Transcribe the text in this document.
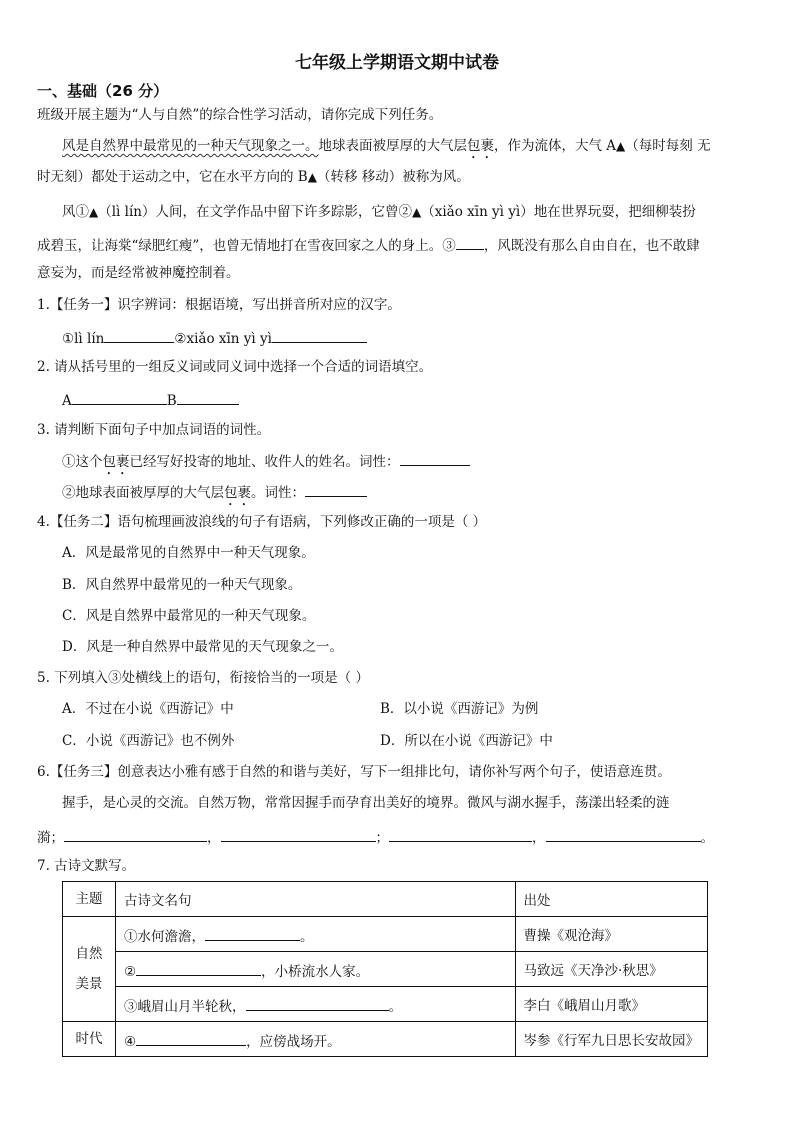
七年级上学期语文期中试卷
一、基础（26 分）
班级开展主题为“人与自然”的综合性学习活动，请你完成下列任务。
风是自然界中最常见的一种天气现象之一。地球表面被厚厚的大气层包裹，作为流体，大气 A▲（每时每刻 无
时无刻）都处于运动之中，它在水平方向的 B▲（转移 移动）被称为风。
风①▲（lì lín）人间，在文学作品中留下许多踪影，它曾②▲（xiǎo xīn yì yì）地在世界玩耍，把细柳装扮
成碧玉，让海棠“绿肥红瘦”，也曾无情地打在雪夜回家之人的身上。③ ，风既没有那么自由自在，也不敢肆
意妄为，而是经常被神魔控制着。
1.【任务一】识字辨词：根据语境，写出拼音所对应的汉字。
①lì lín	②xiǎo xīn yì yì
2. 请从括号里的一组反义词或同义词中选择一个合适的词语填空。
A	B
3. 请判断下面句子中加点词语的词性。
①这个包裹已经写好投寄的地址、收件人的姓名。词性：
②地球表面被厚厚的大气层包裹。词性：
4.【任务二】语句梳理画波浪线的句子有语病，下列修改正确的一项是（ ）
A．风是最常见的自然界中一种天气现象。
B．风自然界中最常见的一种天气现象。
C．风是自然界中最常见的一种天气现象。
D．风是一种自然界中最常见的天气现象之一。
5. 下列填入③处横线上的语句，衔接恰当的一项是（ ）
A．不过在小说《西游记》中	B．以小说《西游记》为例
C．小说《西游记》也不例外	D．所以在小说《西游记》中
6.【任务三】创意表达小雅有感于自然的和谐与美好，写下一组排比句，请你补写两个句子，使语意连贯。
握手，是心灵的交流。自然万物，常常因握手而孕育出美好的境界。微风与湖水握手，荡漾出轻柔的涟
漪；	，	；	，	。
7. 古诗文默写。
主题	古诗文名句	出处
自然美景	①水何澹澹， 。	曹操《观沧海》
	② ，小桥流水人家。	马致远《天净沙·秋思》
	③峨眉山月半轮秋， 。	李白《峨眉山月歌》
时代	④ ，应傍战场开。	岑参《行军九日思长安故园》
